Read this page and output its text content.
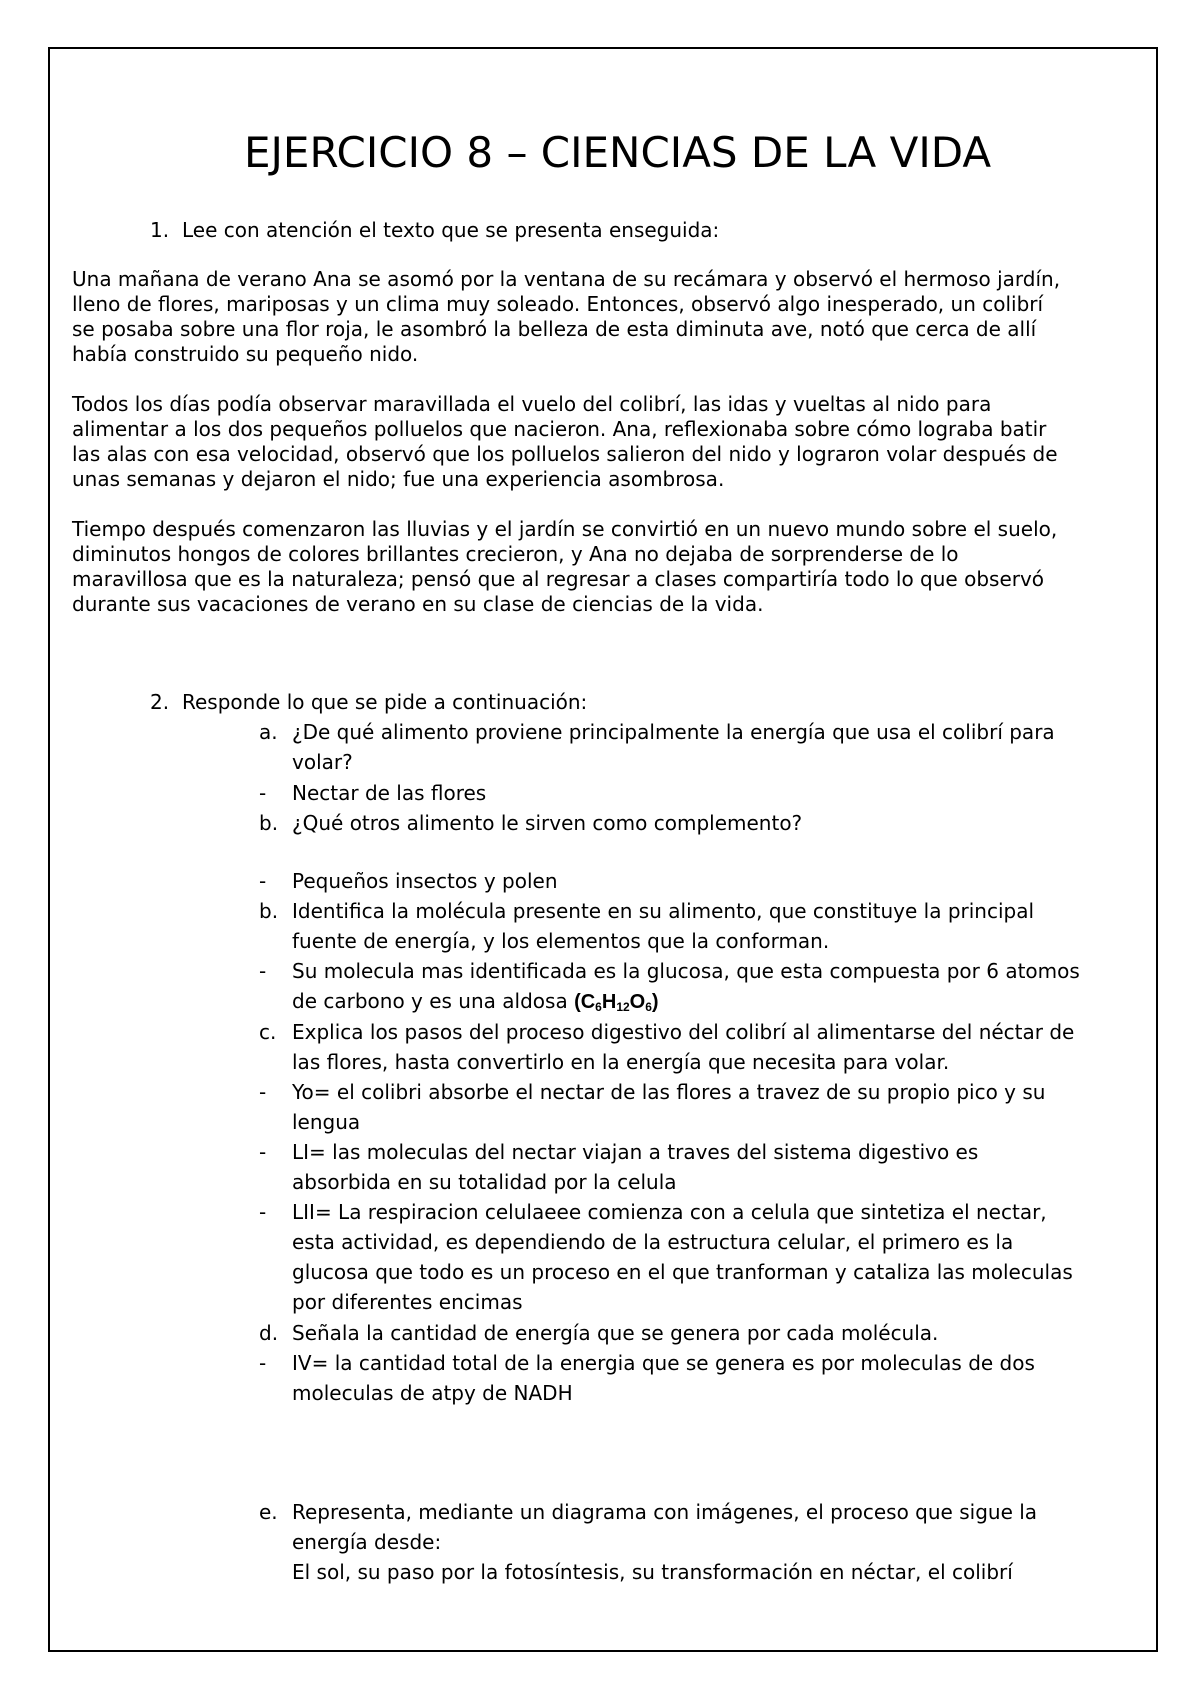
EJERCICIO 8 – CIENCIAS DE LA VIDA
1. Lee con atención el texto que se presenta enseguida:
Una mañana de verano Ana se asomó por la ventana de su recámara y observó el hermoso jardín,
lleno de flores, mariposas y un clima muy soleado. Entonces, observó algo inesperado, un colibrí
se posaba sobre una flor roja, le asombró la belleza de esta diminuta ave, notó que cerca de allí
había construido su pequeño nido.
Todos los días podía observar maravillada el vuelo del colibrí, las idas y vueltas al nido para
alimentar a los dos pequeños polluelos que nacieron. Ana, reflexionaba sobre cómo lograba batir
las alas con esa velocidad, observó que los polluelos salieron del nido y lograron volar después de
unas semanas y dejaron el nido; fue una experiencia asombrosa.
Tiempo después comenzaron las lluvias y el jardín se convirtió en un nuevo mundo sobre el suelo,
diminutos hongos de colores brillantes crecieron, y Ana no dejaba de sorprenderse de lo
maravillosa que es la naturaleza; pensó que al regresar a clases compartiría todo lo que observó
durante sus vacaciones de verano en su clase de ciencias de la vida.
2. Responde lo que se pide a continuación:
a. ¿De qué alimento proviene principalmente la energía que usa el colibrí para
volar?
- Nectar de las flores
b. ¿Qué otros alimento le sirven como complemento?
- Pequeños insectos y polen
b. Identifica la molécula presente en su alimento, que constituye la principal
fuente de energía, y los elementos que la conforman.
- Su molecula mas identificada es la glucosa, que esta compuesta por 6 atomos
de carbono y es una aldosa $(C_6H_{12}O_6)$
c. Explica los pasos del proceso digestivo del colibrí al alimentarse del néctar de
las flores, hasta convertirlo en la energía que necesita para volar.
- Yo= el colibri absorbe el nectar de las flores a travez de su propio pico y su
lengua
- LI= las moleculas del nectar viajan a traves del sistema digestivo es
absorbida en su totalidad por la celula
- LII= La respiracion celulaeee comienza con a celula que sintetiza el nectar,
esta actividad, es dependiendo de la estructura celular, el primero es la
glucosa que todo es un proceso en el que tranforman y cataliza las moleculas
por diferentes encimas
d. Señala la cantidad de energía que se genera por cada molécula.
- IV= la cantidad total de la energia que se genera es por moleculas de dos
moleculas de atpy de NADH
e. Representa, mediante un diagrama con imágenes, el proceso que sigue la
energía desde:
El sol, su paso por la fotosíntesis, su transformación en néctar, el colibrí
